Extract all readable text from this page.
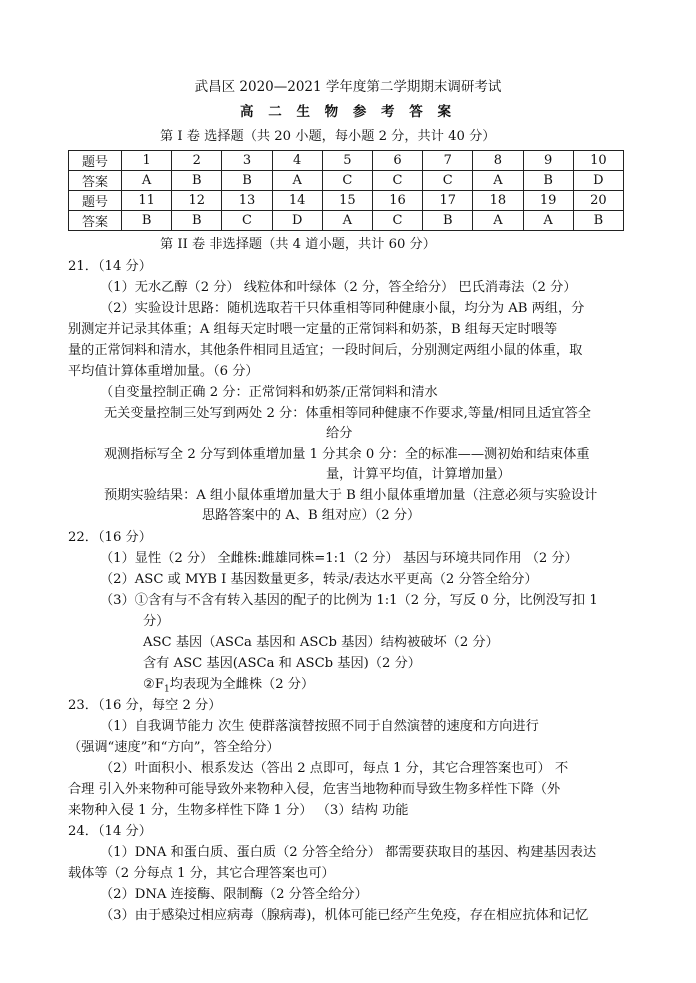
武昌区 2020—2021 学年度第二学期期末调研考试
高 二 生 物 参 考 答 案
第 I 卷 选择题（共 20 小题，每小题 2 分，共计 40 分）
题号	1	2	3	4	5	6	7	8	9	10
答案	A	B	B	A	C	C	C	A	B	D
题号	11	12	13	14	15	16	17	18	19	20
答案	B	B	C	D	A	C	B	A	A	B
第 II 卷 非选择题（共 4 道小题，共计 60 分）
21．（14 分）
（1）无水乙醇（2 分） 线粒体和叶绿体（2 分，答全给分） 巴氏消毒法（2 分）
（2）实验设计思路：随机选取若干只体重相等同种健康小鼠，均分为 AB 两组，分
别测定并记录其体重；A 组每天定时喂一定量的正常饲料和奶茶，B 组每天定时喂等
量的正常饲料和清水，其他条件相同且适宜；一段时间后，分别测定两组小鼠的体重，取
平均值计算体重增加量。（6 分）
（自变量控制正确 2 分：正常饲料和奶茶/正常饲料和清水
无关变量控制三处写到两处 2 分：体重相等同种健康不作要求,等量/相同且适宜答全
给分
观测指标写全 2 分写到体重增加量 1 分其余 0 分：全的标准——测初始和结束体重
量，计算平均值，计算增加量）
预期实验结果：A 组小鼠体重增加量大于 B 组小鼠体重增加量（注意必须与实验设计
思路答案中的 A、B 组对应）（2 分）
22．（16 分）
（1）显性（2 分） 全雌株:雌雄同株=1:1（2 分） 基因与环境共同作用 （2 分）
（2）ASC 或 MYB I 基因数量更多，转录/表达水平更高（2 分答全给分）
（3）①含有与不含有转入基因的配子的比例为 1:1（2 分，写反 0 分，比例没写扣 1
分）
ASC 基因（ASCa 基因和 ASCb 基因）结构被破坏（2 分）
含有 ASC 基因(ASCa 和 ASCb 基因)（2 分）
$②F_1$均表现为全雌株（2 分）
23．（16 分，每空 2 分）
（1）自我调节能力 次生 使群落演替按照不同于自然演替的速度和方向进行
（强调“速度”和“方向”，答全给分）
（2）叶面积小、根系发达（答出 2 点即可，每点 1 分，其它合理答案也可） 不
合理 引入外来物种可能导致外来物种入侵，危害当地物种而导致生物多样性下降（外
来物种入侵 1 分，生物多样性下降 1 分） （3）结构 功能
24．（14 分）
（1）DNA 和蛋白质、蛋白质（2 分答全给分） 都需要获取目的基因、构建基因表达
载体等（2 分每点 1 分，其它合理答案也可）
（2）DNA 连接酶、限制酶（2 分答全给分）
（3）由于感染过相应病毒（腺病毒)，机体可能已经产生免疫，存在相应抗体和记忆
